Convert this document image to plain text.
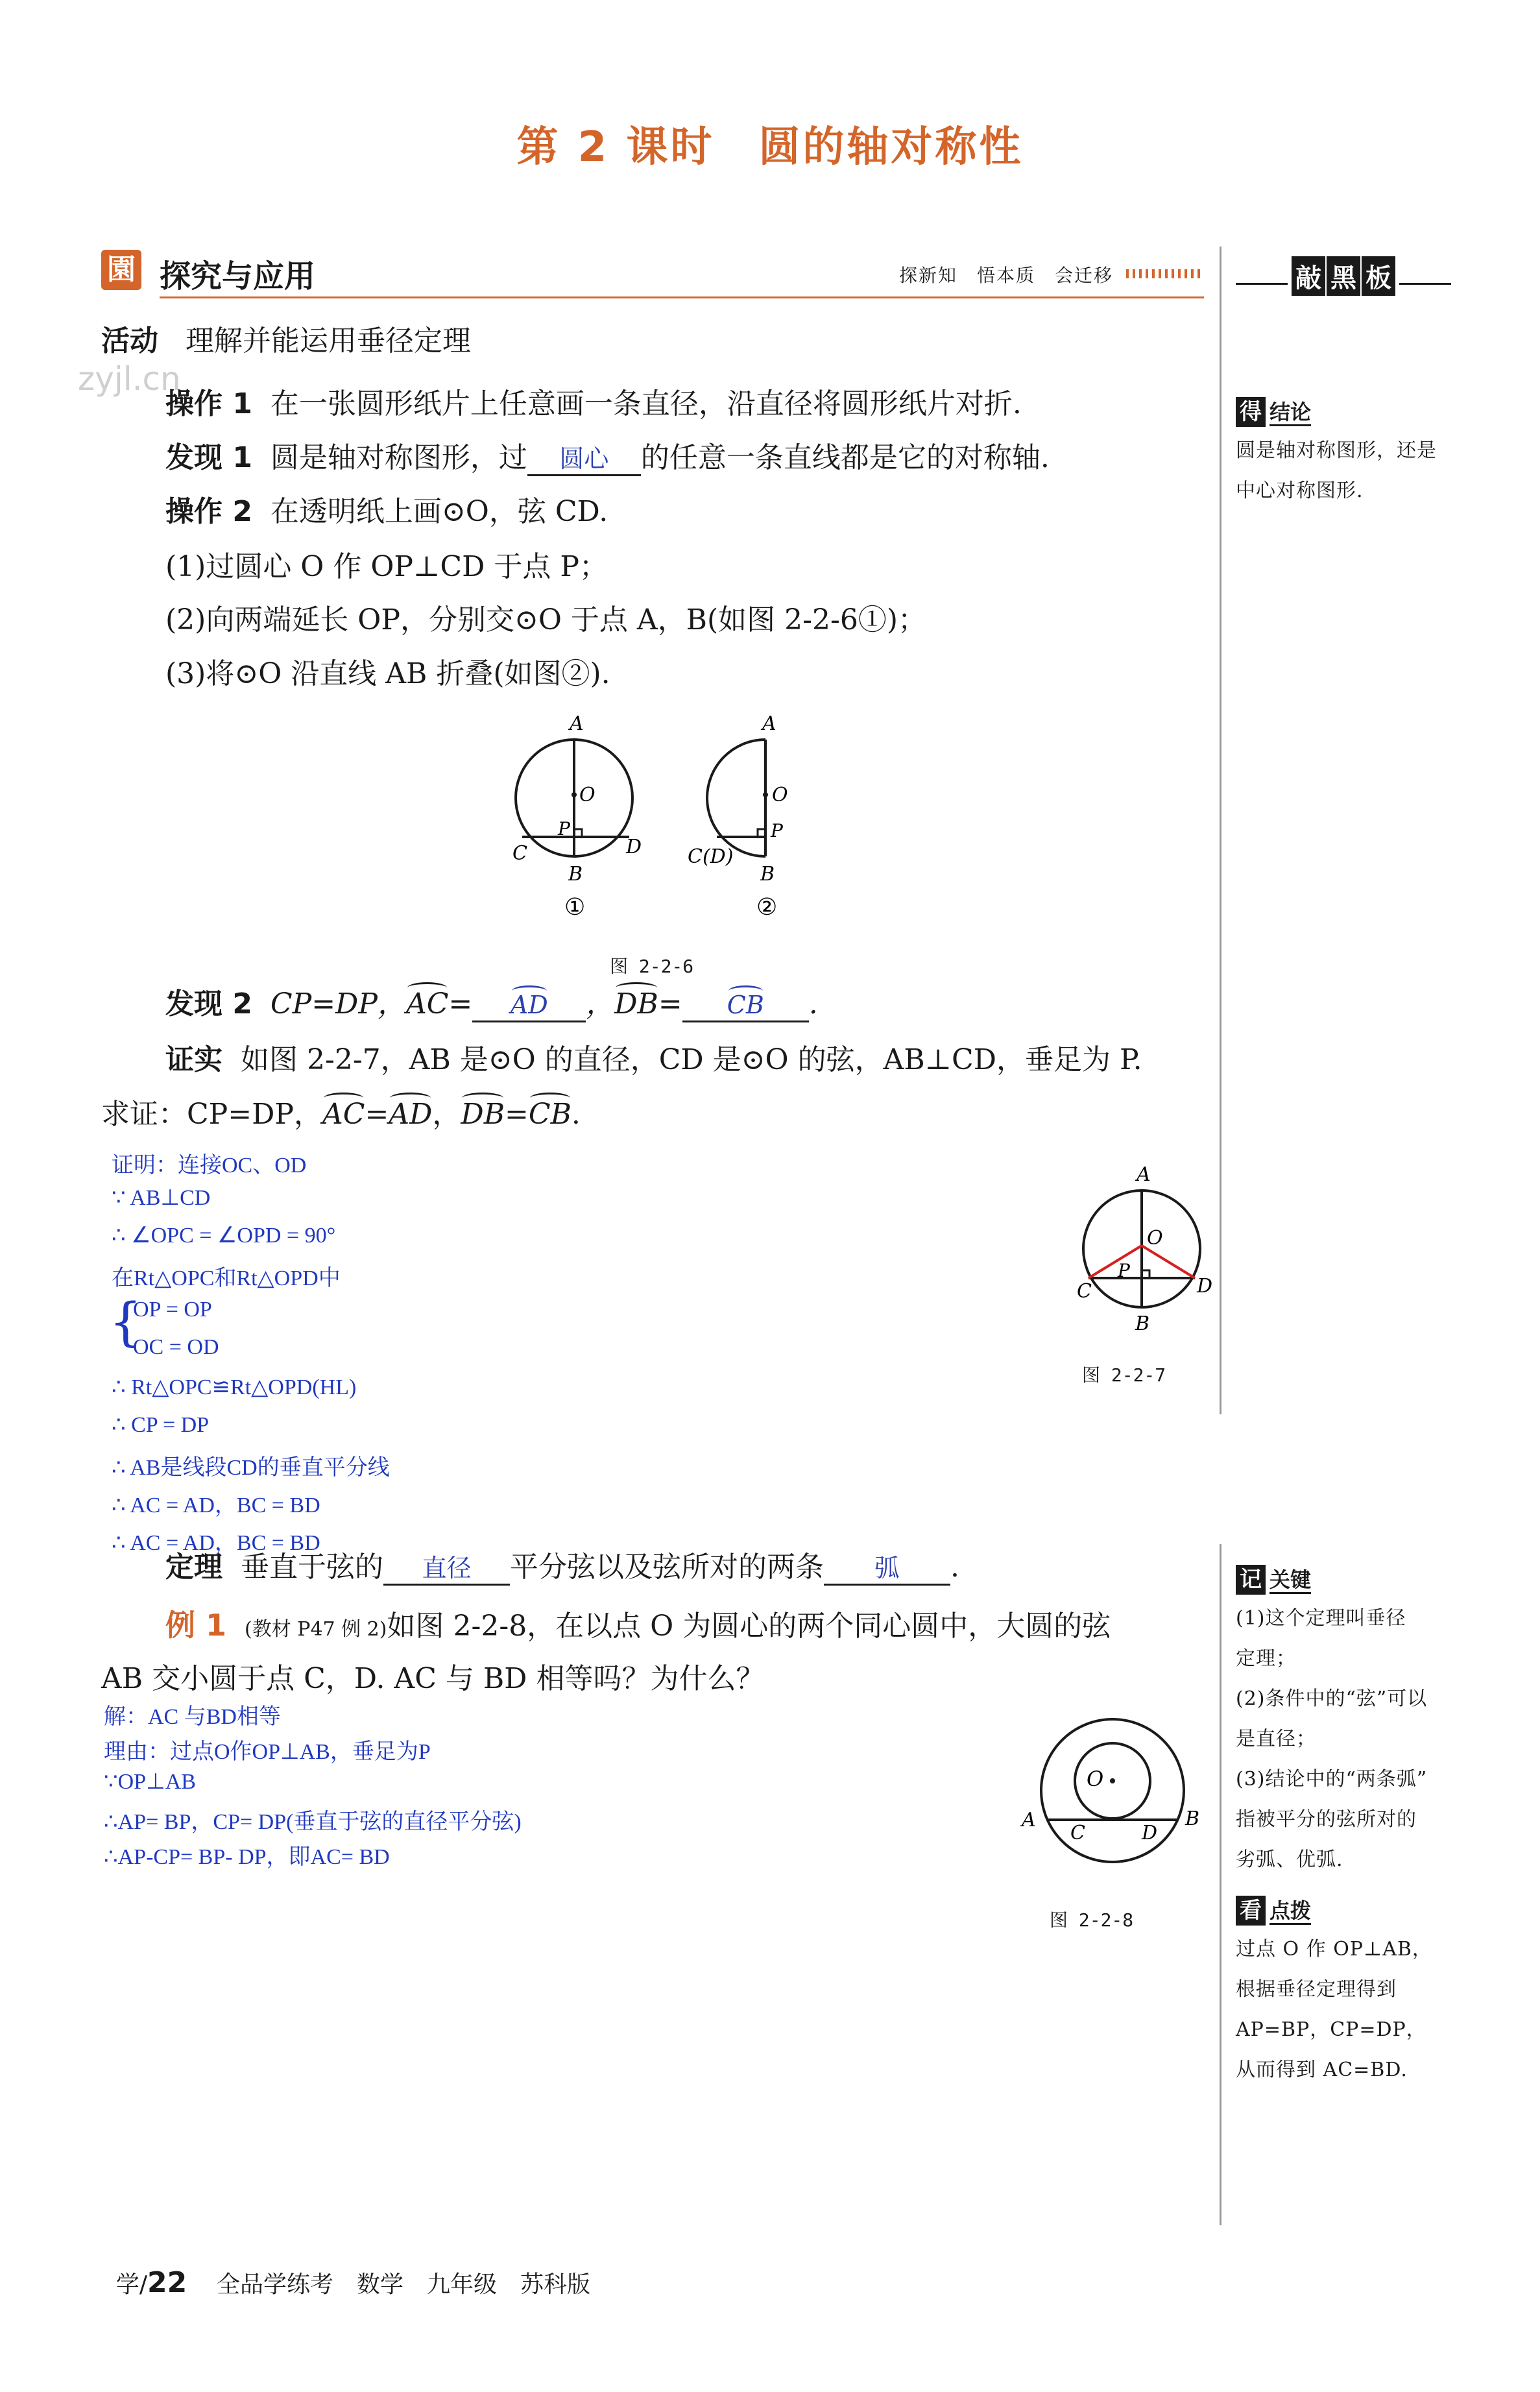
第 2 课时　圆的轴对称性
園 探究与应用	探新知　悟本质　会迁移
zyjl.cn
活动 理解并能运用垂径定理
操作 1 在一张圆形纸片上任意画一条直径，沿直径将圆形纸片对折.
发现 1 圆是轴对称图形，过 圆心 的任意一条直线都是它的对称轴.
操作 2 在透明纸上画⊙O，弦 CD.
(1)过圆心 O 作 OP⊥CD 于点 P；
(2)向两端延长 OP，分别交⊙O 于点 A，B(如图 2-2-6①)；
(3)将⊙O 沿直线 AB 折叠(如图②).
A
O
P
C	D
B
①
A
O
P
C(D)
B
②
图 2-2-6
发现 2 CP=DP，AC= AD ，DB= CB .
证实 如图 2-2-7，AB 是⊙O 的直径，CD 是⊙O 的弦，AB⊥CD，垂足为 P.
求证：CP=DP，AC=AD，DB=CB.
证明：连接OC、OD
∵ AB⊥CD
∴ ∠OPC = ∠OPD = 90°
在Rt△OPC和Rt△OPD中
{
OP = OP
OC = OD
∴ Rt△OPC≌Rt△OPD(HL)
∴ CP = DP
∴ AB是线段CD的垂直平分线
∴ AC = AD，BC = BD
∴ AC = AD，BC = BD
A
O
P
C	D
B
图 2-2-7
定理 垂直于弦的 直径 平分弦以及弦所对的两条 弧 .
例 1 (教材 P47 例 2)如图 2-2-8，在以点 O 为圆心的两个同心圆中，大圆的弦
AB 交小圆于点 C，D. AC 与 BD 相等吗？为什么？
解：AC 与BD相等
理由：过点O作OP⊥AB，垂足为P
∵OP⊥AB
∴AP= BP，CP= DP(垂直于弦的直径平分弦)
∴AP-CP= BP- DP，即AC= BD
O
A
C	D
B
图 2-2-8
敲 黑 板
得 结论
圆是轴对称图形，还是
中心对称图形.
记 关键
(1)这个定理叫垂径
定理；
(2)条件中的“弦”可以
是直径；
(3)结论中的“两条弧”
指被平分的弦所对的
劣弧、优弧.
看 点拨
过点 O 作 OP⊥AB，
根据垂径定理得到
AP=BP，CP=DP，
从而得到 AC=BD.

学/22 全品学练考　数学　九年级　苏科版
